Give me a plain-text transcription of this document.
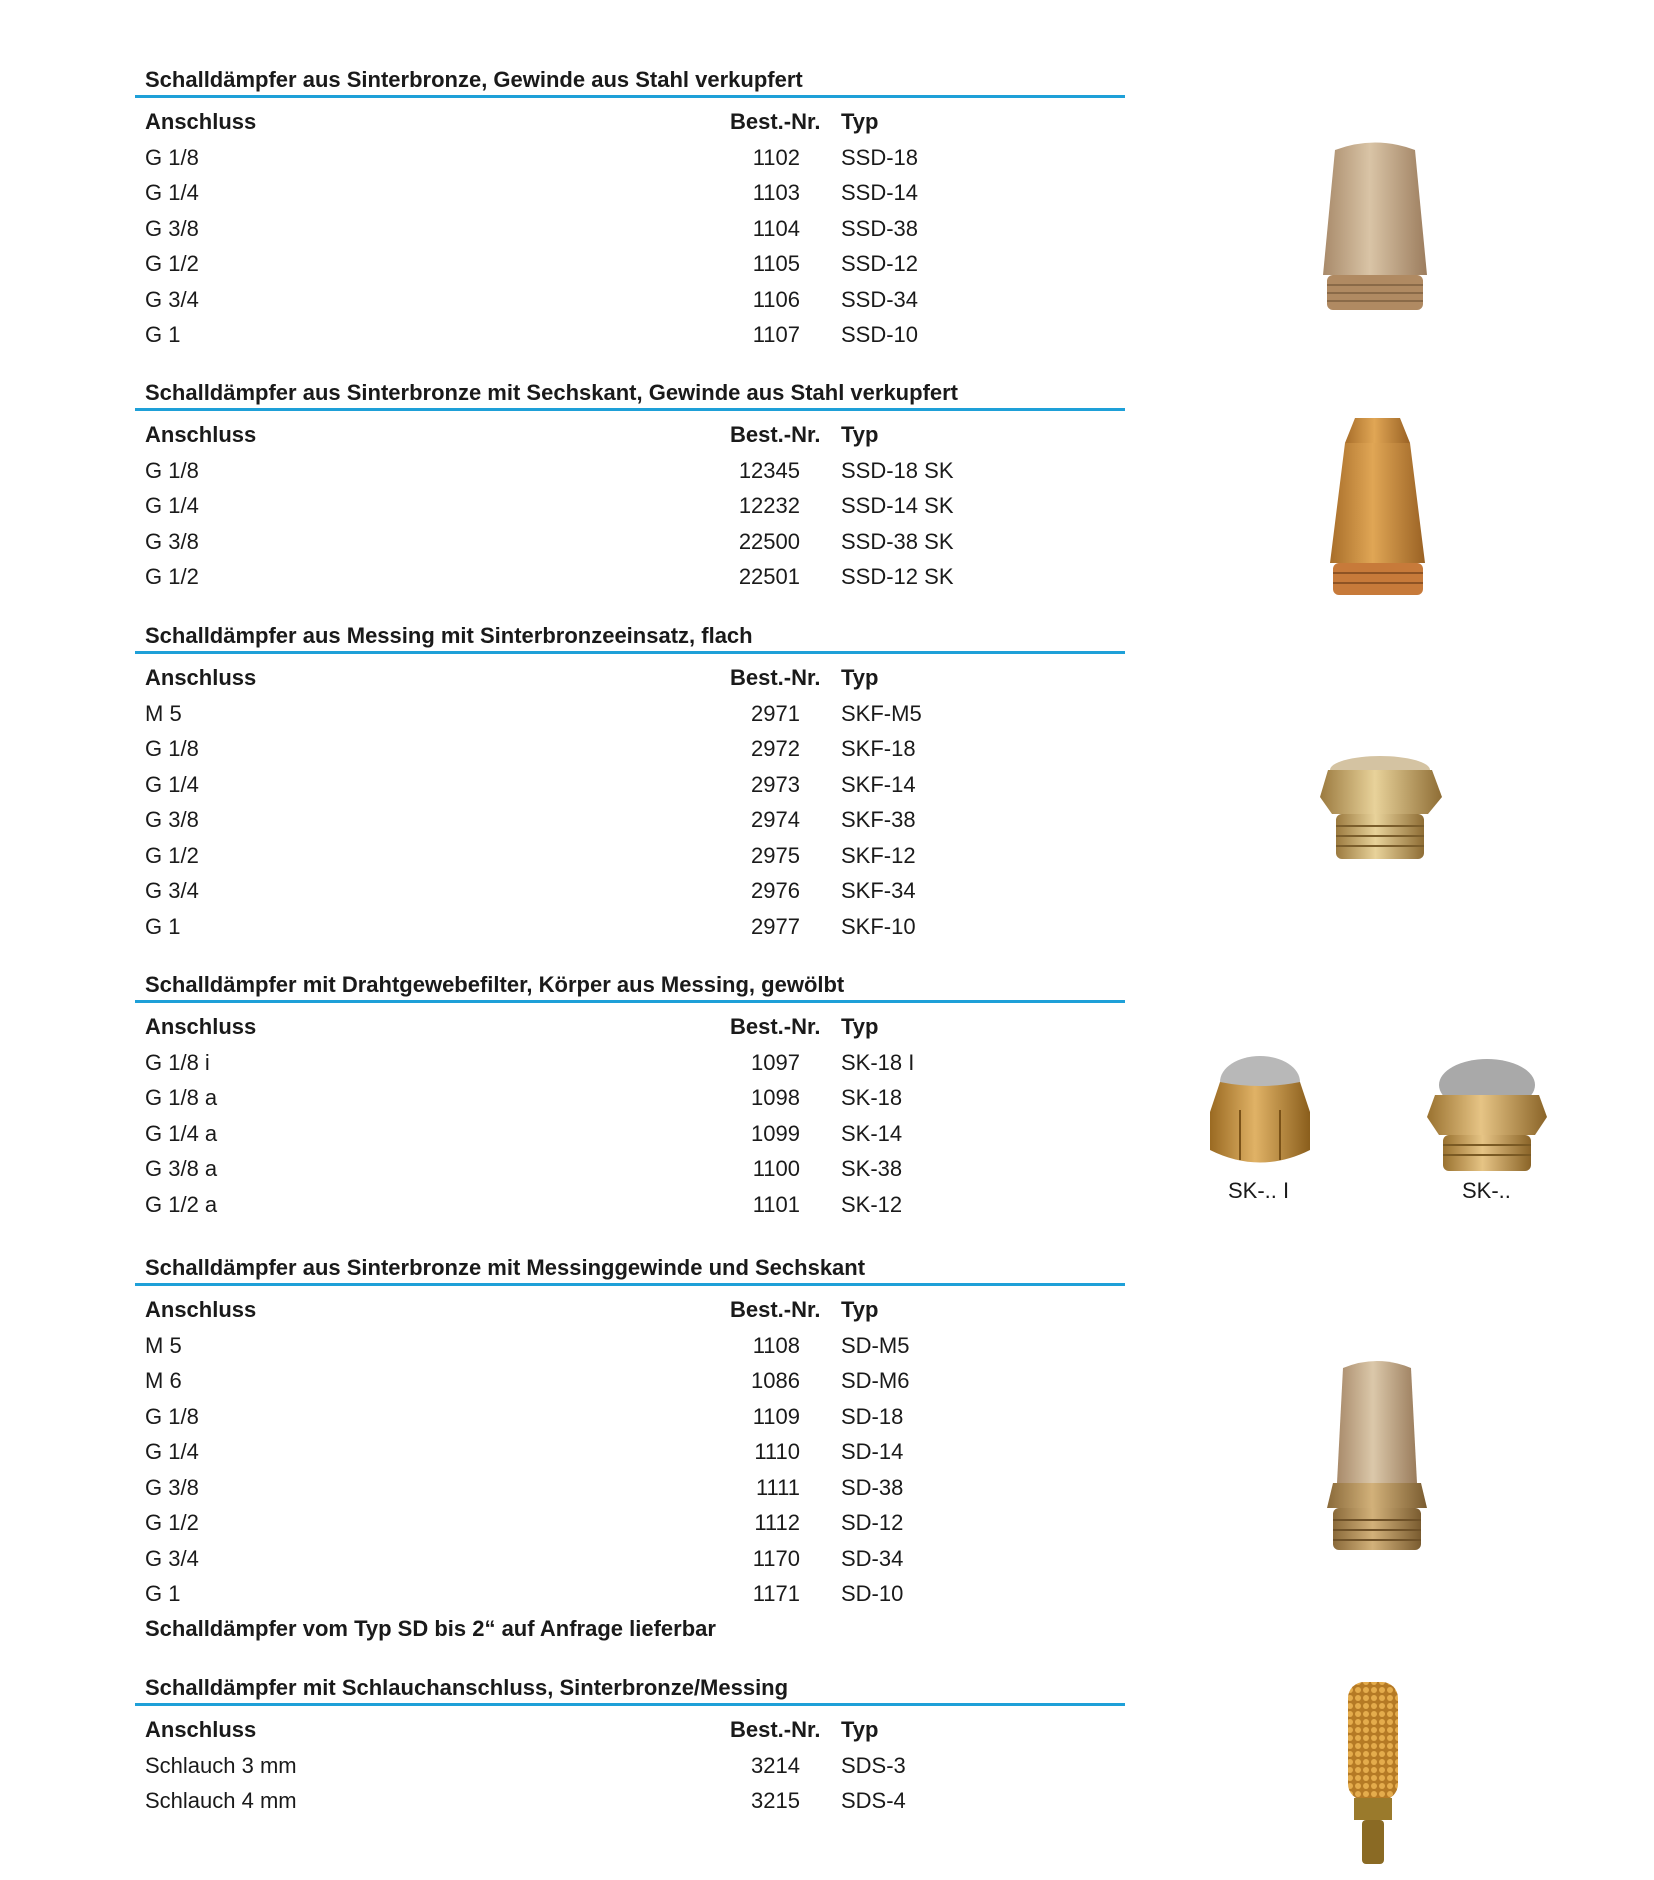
Schalldämpfer aus Sinterbronze, Gewinde aus Stahl verkupfert
Anschluss	Best.-Nr. Typ
G 1/8	1102 SSD-18
G 1/4	1103 SSD-14
G 3/8	1104 SSD-38
G 1/2	1105 SSD-12
G 3/4	1106 SSD-34
G 1	1107 SSD-10
Schalldämpfer aus Sinterbronze mit Sechskant, Gewinde aus Stahl verkupfert
Anschluss	Best.-Nr. Typ
G 1/8	12345 SSD-18 SK
G 1/4	12232 SSD-14 SK
G 3/8	22500 SSD-38 SK
G 1/2	22501 SSD-12 SK
Schalldämpfer aus Messing mit Sinterbronzeeinsatz, flach
Anschluss	Best.-Nr. Typ
M 5	2971 SKF-M5
G 1/8	2972 SKF-18
G 1/4	2973 SKF-14
G 3/8	2974 SKF-38
G 1/2	2975 SKF-12
G 3/4	2976 SKF-34
G 1	2977 SKF-10
Schalldämpfer mit Drahtgewebefilter, Körper aus Messing, gewölbt
Anschluss	Best.-Nr. Typ
G 1/8 i	1097 SK-18 I
G 1/8 a	1098 SK-18
G 1/4 a	1099 SK-14
G 3/8 a	1100 SK-38
G 1/2 a	1101 SK-12
Schalldämpfer aus Sinterbronze mit Messinggewinde und Sechskant
Anschluss	Best.-Nr. Typ
M 5	1108 SD-M5
M 6	1086 SD-M6
G 1/8	1109 SD-18
G 1/4	1110 SD-14
G 3/8	1111 SD-38
G 1/2	1112 SD-12
G 3/4	1170 SD-34
G 1	1171 SD-10
Schalldämpfer vom Typ SD bis 2“ auf Anfrage lieferbar
Schalldämpfer mit Schlauchanschluss, Sinterbronze/Messing
Anschluss	Best.-Nr. Typ
Schlauch 3 mm	3214 SDS-3
Schlauch 4 mm	3215 SDS-4
SK-.. I	SK-..
